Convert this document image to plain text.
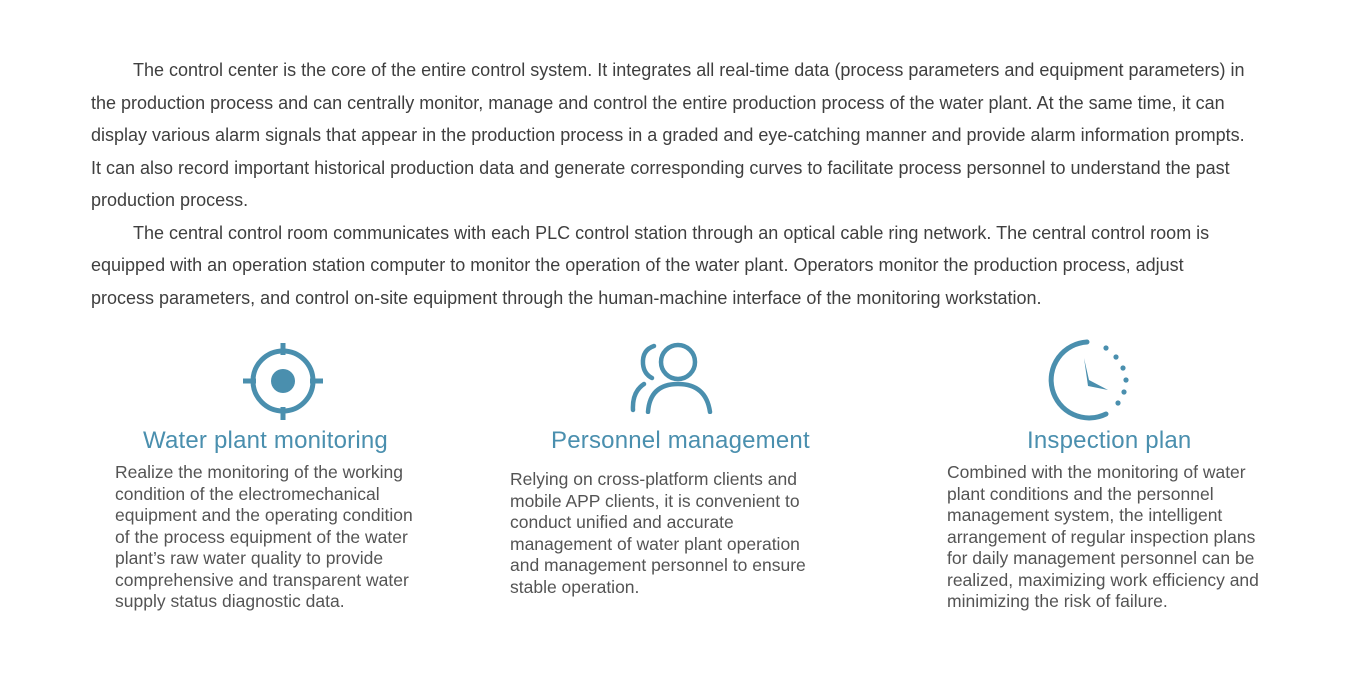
The control center is the core of the entire control system. It integrates all real-time data (process parameters and equipment parameters) in the production process and can centrally monitor, manage and control the entire production process of the water plant. At the same time, it can display various alarm signals that appear in the production process in a graded and eye-catching manner and provide alarm information prompts. It can also record important historical production data and generate corresponding curves to facilitate process personnel to understand the past production process.

The central control room communicates with each PLC control station through an optical cable ring network. The central control room is equipped with an operation station computer to monitor the operation of the water plant. Operators monitor the production process, adjust process parameters, and control on-site equipment through the human-machine interface of the monitoring workstation.

Water plant monitoring
Realize the monitoring of the working
condition of the electromechanical
equipment and the operating condition
of the process equipment of the water
plant’s raw water quality to provide
comprehensive and transparent water
supply status diagnostic data.
Personnel management
Relying on cross-platform clients and
mobile APP clients, it is convenient to
conduct unified and accurate
management of water plant operation
and management personnel to ensure
stable operation.
Inspection plan
Combined with the monitoring of water
plant conditions and the personnel
management system, the intelligent
arrangement of regular inspection plans
for daily management personnel can be
realized, maximizing work efficiency and
minimizing the risk of failure.
